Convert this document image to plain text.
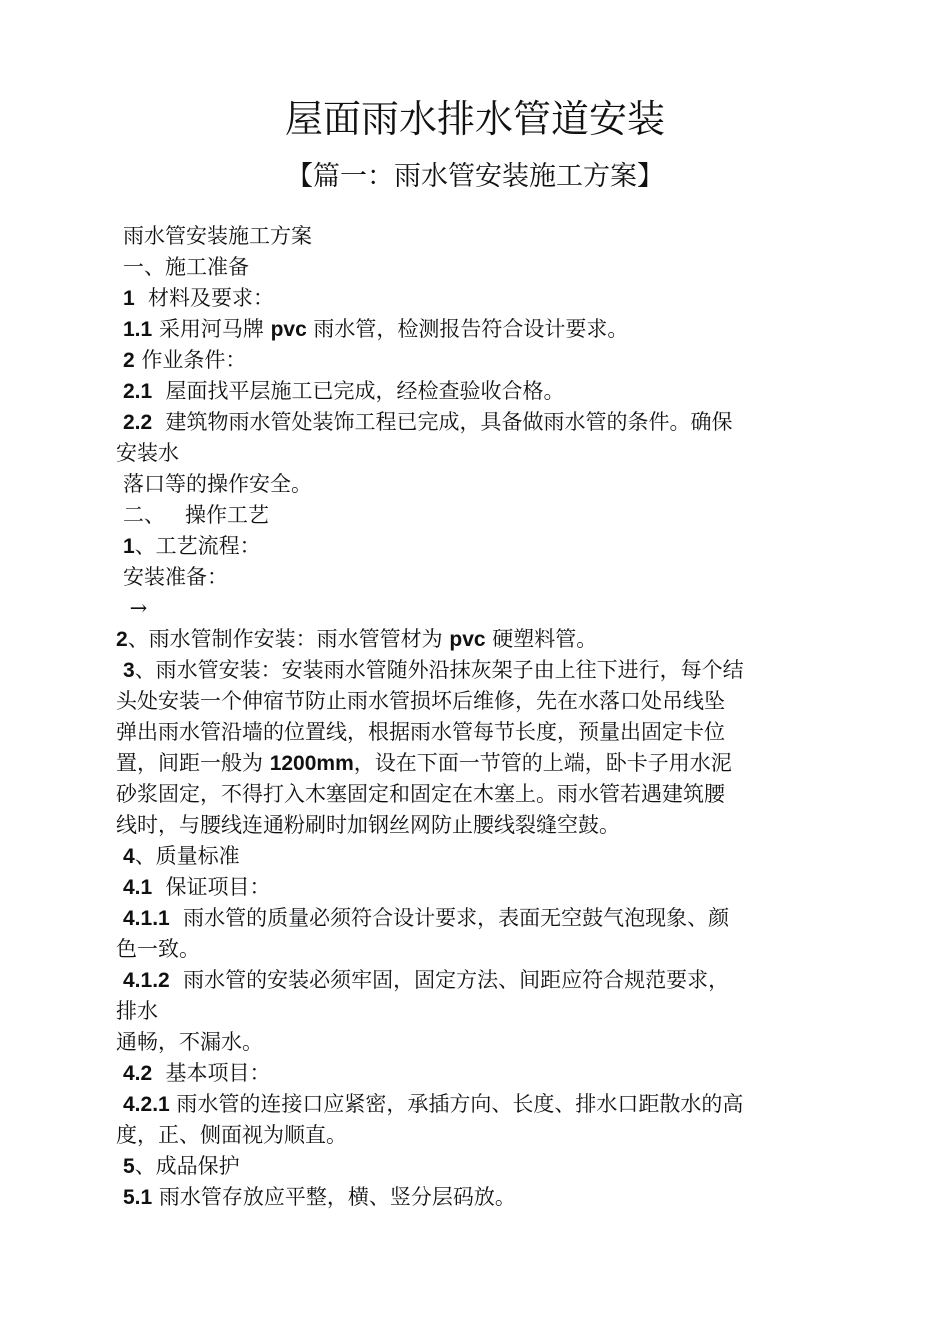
屋面雨水排水管道安装
【篇一：雨水管安装施工方案】
雨水管安装施工方案
一、施工准备
1  材料及要求：
1.1 采用河马牌 pvc 雨水管，检测报告符合设计要求。
2 作业条件：
2.1  屋面找平层施工已完成，经检查验收合格。
2.2  建筑物雨水管处装饰工程已完成，具备做雨水管的条件。确保
安装水
落口等的操作安全。
二、   操作工艺
1、工艺流程：
安装准备：
→
2、雨水管制作安装：雨水管管材为 pvc 硬塑料管。
3、雨水管安装：安装雨水管随外沿抹灰架子由上往下进行，每个结
头处安装一个伸宿节防止雨水管损坏后维修，先在水落口处吊线坠
弹出雨水管沿墙的位置线，根据雨水管每节长度，预量出固定卡位
置，间距一般为 1200mm，设在下面一节管的上端，卧卡子用水泥
砂浆固定，不得打入木塞固定和固定在木塞上。雨水管若遇建筑腰
线时，与腰线连通粉刷时加钢丝网防止腰线裂缝空鼓。
4、质量标准
4.1  保证项目：
4.1.1  雨水管的质量必须符合设计要求，表面无空鼓气泡现象、颜
色一致。
4.1.2  雨水管的安装必须牢固，固定方法、间距应符合规范要求，
排水
通畅，不漏水。
4.2  基本项目：
4.2.1 雨水管的连接口应紧密，承插方向、长度、排水口距散水的高
度，正、侧面视为顺直。
5、成品保护
5.1 雨水管存放应平整，横、竖分层码放。
